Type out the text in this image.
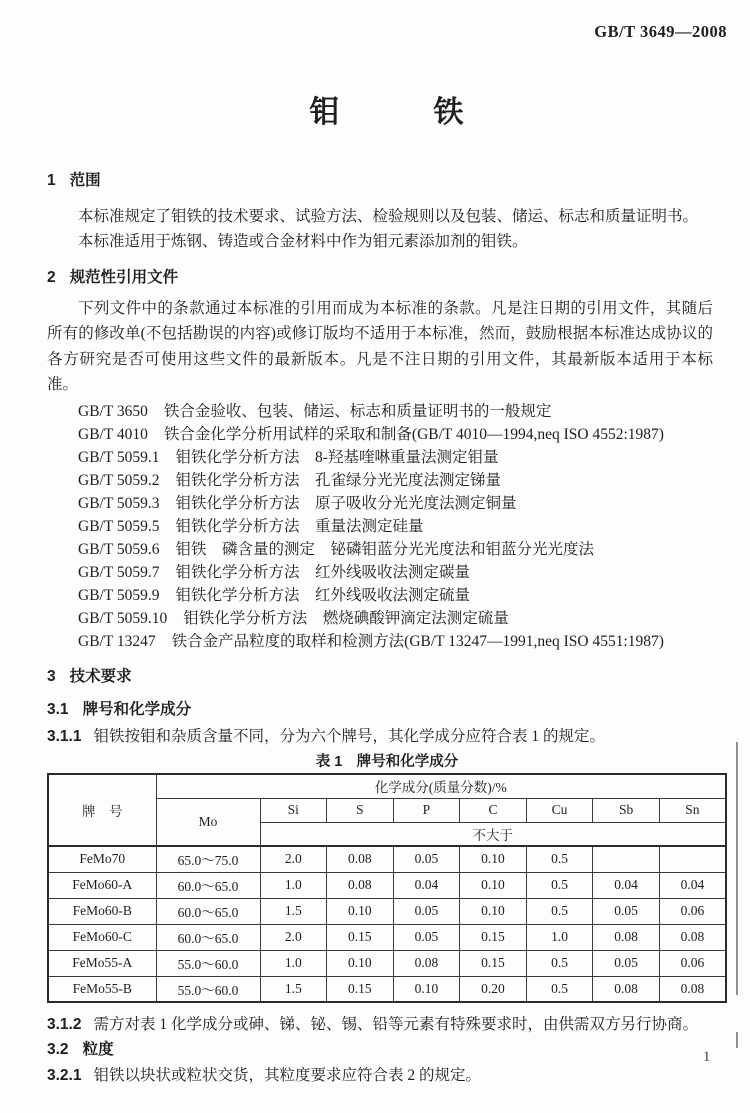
GB/T 3649—2008
钼　　　铁
1 范围
本标准规定了钼铁的技术要求、试验方法、检验规则以及包装、储运、标志和质量证明书。
本标准适用于炼钢、铸造或合金材料中作为钼元素添加剂的钼铁。
2 规范性引用文件
下列文件中的条款通过本标准的引用而成为本标准的条款。凡是注日期的引用文件，其随后所有的修改单(不包括勘误的内容)或修订版均不适用于本标准，然而，鼓励根据本标准达成协议的各方研究是否可使用这些文件的最新版本。凡是不注日期的引用文件，其最新版本适用于本标准。
GB/T 3650 铁合金验收、包装、储运、标志和质量证明书的一般规定
GB/T 4010 铁合金化学分析用试样的采取和制备(GB/T 4010—1994,neq ISO 4552:1987)
GB/T 5059.1 钼铁化学分析方法　8-羟基喹啉重量法测定钼量
GB/T 5059.2 钼铁化学分析方法　孔雀绿分光光度法测定锑量
GB/T 5059.3 钼铁化学分析方法　原子吸收分光光度法测定铜量
GB/T 5059.5 钼铁化学分析方法　重量法测定硅量
GB/T 5059.6 钼铁　磷含量的测定　铋磷钼蓝分光光度法和钼蓝分光光度法
GB/T 5059.7 钼铁化学分析方法　红外线吸收法测定碳量
GB/T 5059.9 钼铁化学分析方法　红外线吸收法测定硫量
GB/T 5059.10 钼铁化学分析方法　燃烧碘酸钾滴定法测定硫量
GB/T 13247 铁合金产品粒度的取样和检测方法(GB/T 13247—1991,neq ISO 4551:1987)
3 技术要求
3.1 牌号和化学成分
3.1.1 钼铁按钼和杂质含量不同，分为六个牌号，其化学成分应符合表 1 的规定。
表 1　牌号和化学成分
牌　号	化学成分(质量分数)/%							
	Mo	Si	S	P	C	Cu	Sb	Sn
		不大于						
FeMo70	65.0～75.0	2.0	0.08	0.05	0.10	0.5		
FeMo60-A	60.0～65.0	1.0	0.08	0.04	0.10	0.5	0.04	0.04
FeMo60-B	60.0～65.0	1.5	0.10	0.05	0.10	0.5	0.05	0.06
FeMo60-C	60.0～65.0	2.0	0.15	0.05	0.15	1.0	0.08	0.08
FeMo55-A	55.0～60.0	1.0	0.10	0.08	0.15	0.5	0.05	0.06
FeMo55-B	55.0～60.0	1.5	0.15	0.10	0.20	0.5	0.08	0.08
3.1.2 需方对表 1 化学成分或砷、锑、铋、锡、铅等元素有特殊要求时，由供需双方另行协商。
3.2 粒度
3.2.1 钼铁以块状或粒状交货，其粒度要求应符合表 2 的规定。
1
